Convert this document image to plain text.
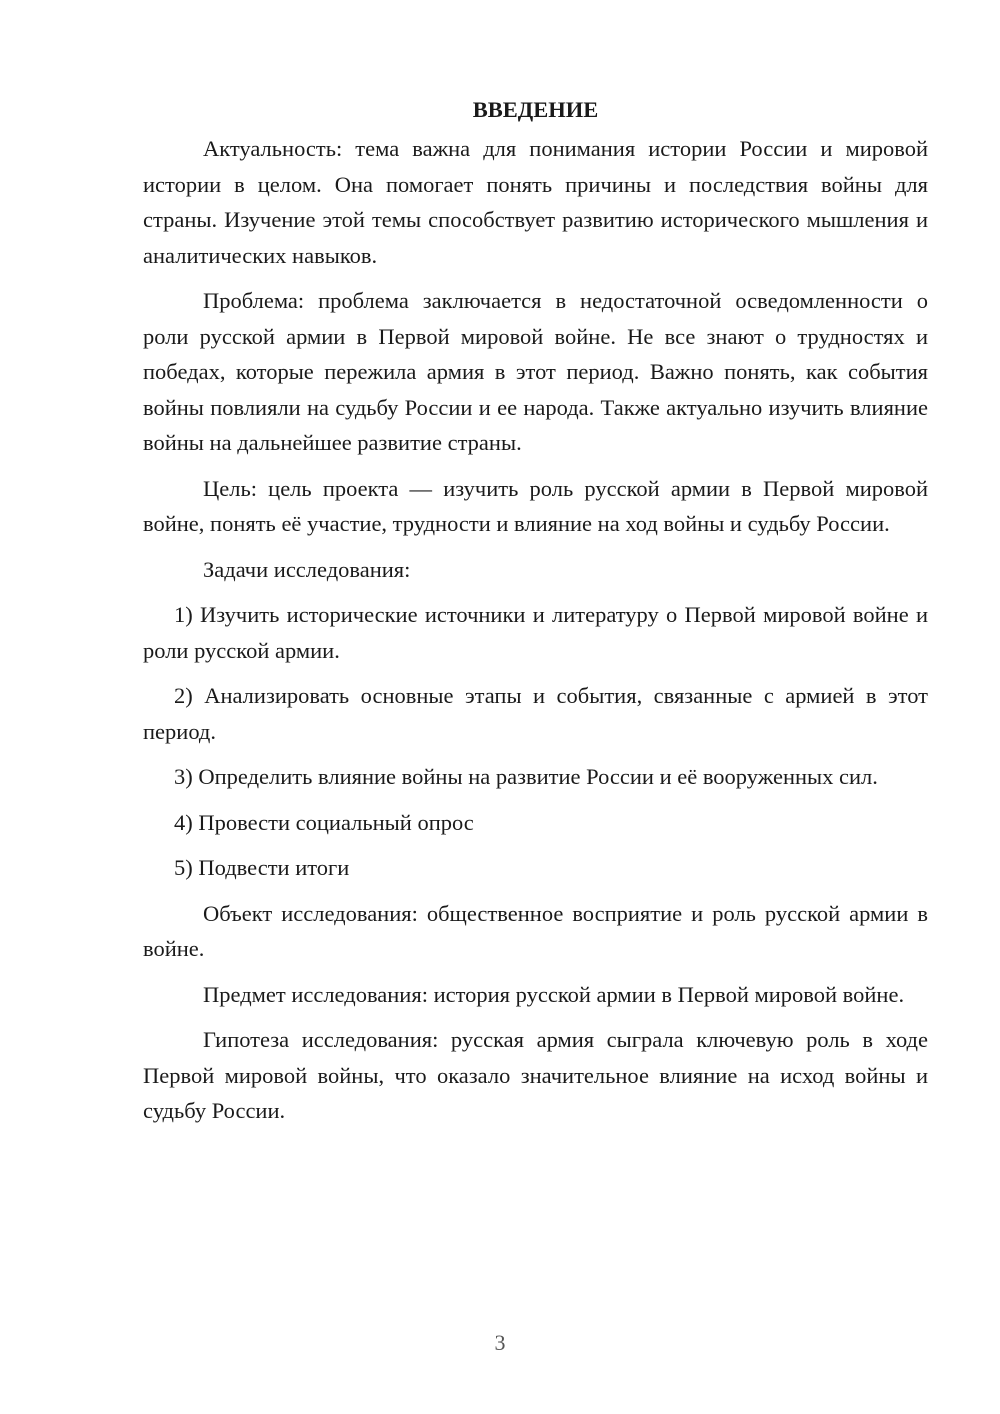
ВВЕДЕНИЕ

Актуальность: тема важна для понимания истории России и мировой истории в целом. Она помогает понять причины и последствия войны для страны. Изучение этой темы способствует развитию исторического мышления и аналитических навыков.

Проблема: проблема заключается в недостаточной осведомленности о роли русской армии в Первой мировой войне. Не все знают о трудностях и победах, которые пережила армия в этот период. Важно понять, как события войны повлияли на судьбу России и ее народа. Также актуально изучить влияние войны на дальнейшее развитие страны.

Цель: цель проекта — изучить роль русской армии в Первой мировой войне, понять её участие, трудности и влияние на ход войны и судьбу России.

Задачи исследования:

1) Изучить исторические источники и литературу о Первой мировой войне и роли русской армии.

2) Анализировать основные этапы и события, связанные с армией в этот период.

3) Определить влияние войны на развитие России и её вооруженных сил.

4) Провести социальный опрос

5) Подвести итоги

Объект исследования: общественное восприятие и роль русской армии в войне.

Предмет исследования: история русской армии в Первой мировой войне.

Гипотеза исследования: русская армия сыграла ключевую роль в ходе Первой мировой войны, что оказало значительное влияние на исход войны и судьбу России.

3
